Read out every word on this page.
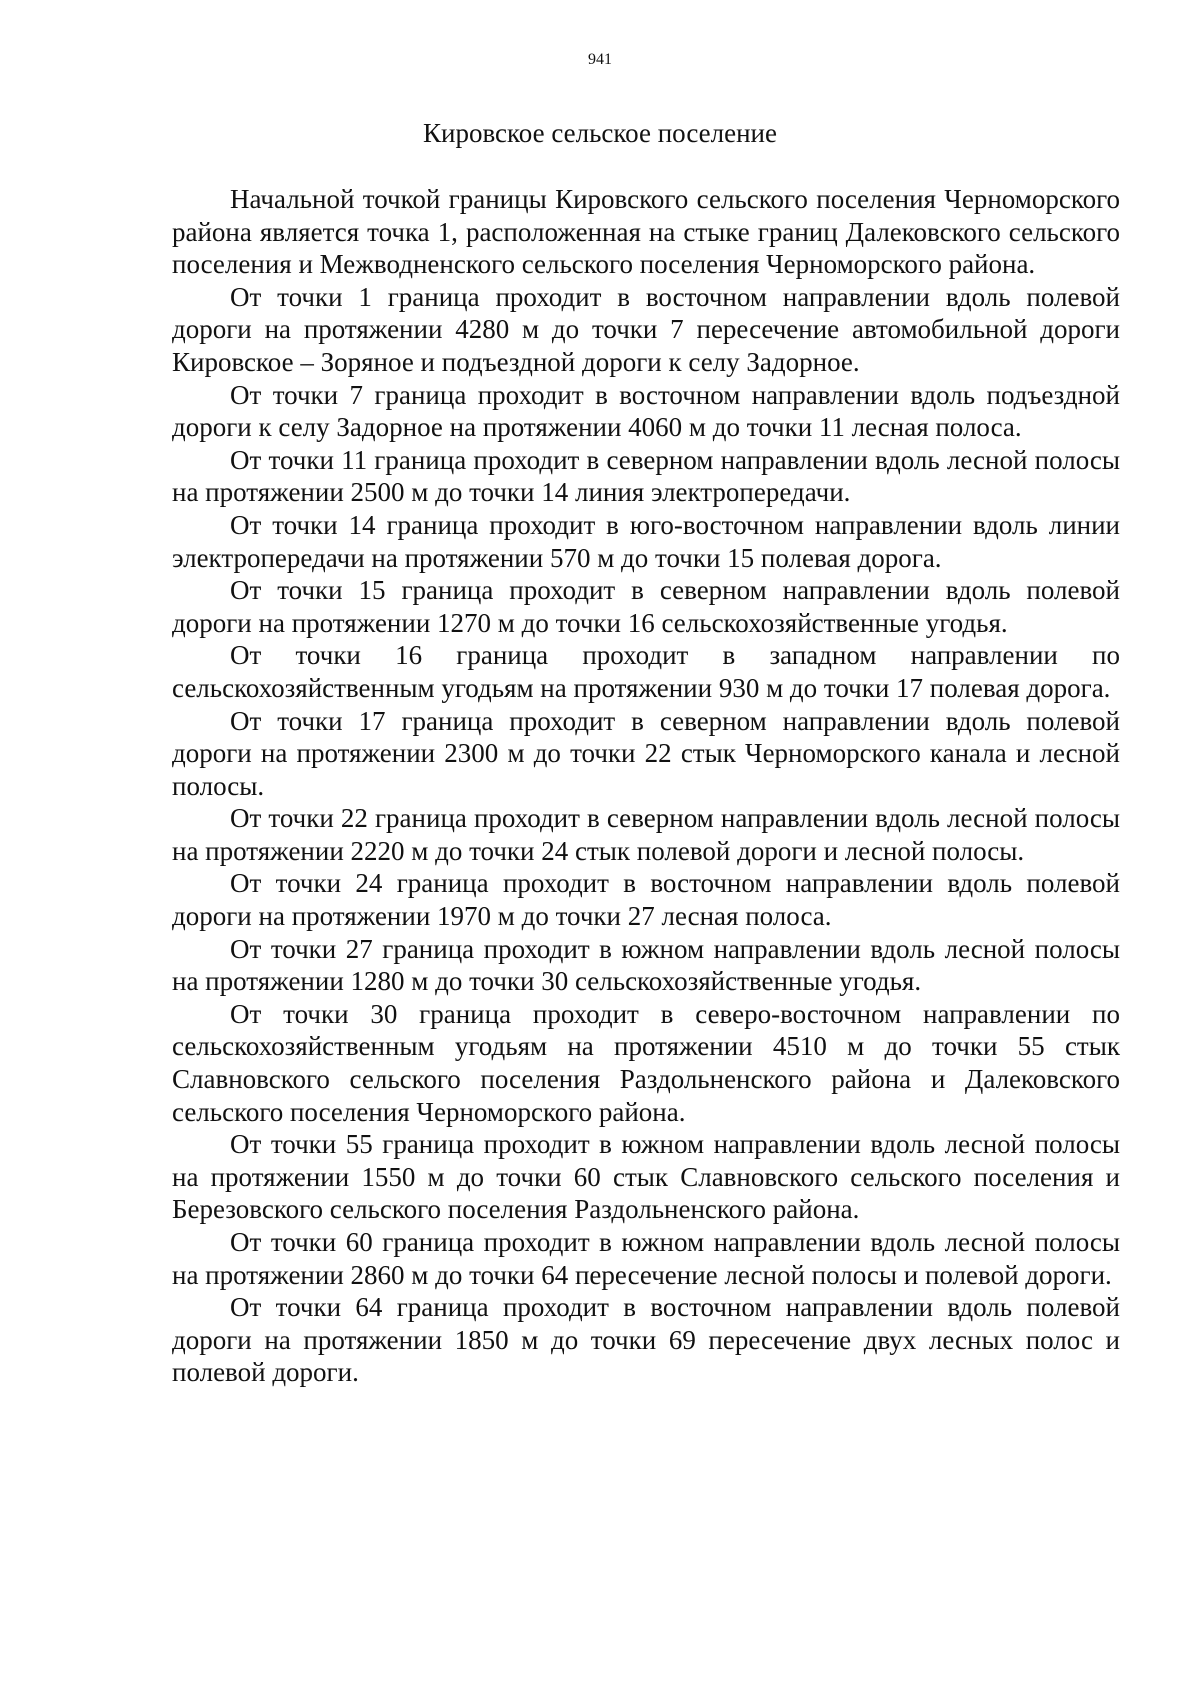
941
Кировское сельское поселение

Начальной точкой границы Кировского сельского поселения Черноморского района является точка 1, расположенная на стыке границ Далековского сельского поселения и Межводненского сельского поселения Черноморского района.

От точки 1 граница проходит в восточном направлении вдоль полевой дороги на протяжении 4280 м до точки 7 пересечение автомобильной дороги Кировское – Зоряное и подъездной дороги к селу Задорное.

От точки 7 граница проходит в восточном направлении вдоль подъездной дороги к селу Задорное на протяжении 4060 м до точки 11 лесная полоса.

От точки 11 граница проходит в северном направлении вдоль лесной полосы на протяжении 2500 м до точки 14 линия электропередачи.

От точки 14 граница проходит в юго-восточном направлении вдоль линии электропередачи на протяжении 570 м до точки 15 полевая дорога.

От точки 15 граница проходит в северном направлении вдоль полевой дороги на протяжении 1270 м до точки 16 сельскохозяйственные угодья.

От точки 16 граница проходит в западном направлении по сельскохозяйственным угодьям на протяжении 930 м до точки 17 полевая дорога.

От точки 17 граница проходит в северном направлении вдоль полевой дороги на протяжении 2300 м до точки 22 стык Черноморского канала и лесной полосы.

От точки 22 граница проходит в северном направлении вдоль лесной полосы на протяжении 2220 м до точки 24 стык полевой дороги и лесной полосы.

От точки 24 граница проходит в восточном направлении вдоль полевой дороги на протяжении 1970 м до точки 27 лесная полоса.

От точки 27 граница проходит в южном направлении вдоль лесной полосы на протяжении 1280 м до точки 30 сельскохозяйственные угодья.

От точки 30 граница проходит в северо-восточном направлении по сельскохозяйственным угодьям на протяжении 4510 м до точки 55 стык Славновского сельского поселения Раздольненского района и Далековского сельского поселения Черноморского района.

От точки 55 граница проходит в южном направлении вдоль лесной полосы на протяжении 1550 м до точки 60 стык Славновского сельского поселения и Березовского сельского поселения Раздольненского района.

От точки 60 граница проходит в южном направлении вдоль лесной полосы на протяжении 2860 м до точки 64 пересечение лесной полосы и полевой дороги.

От точки 64 граница проходит в восточном направлении вдоль полевой дороги на протяжении 1850 м до точки 69 пересечение двух лесных полос и полевой дороги.
